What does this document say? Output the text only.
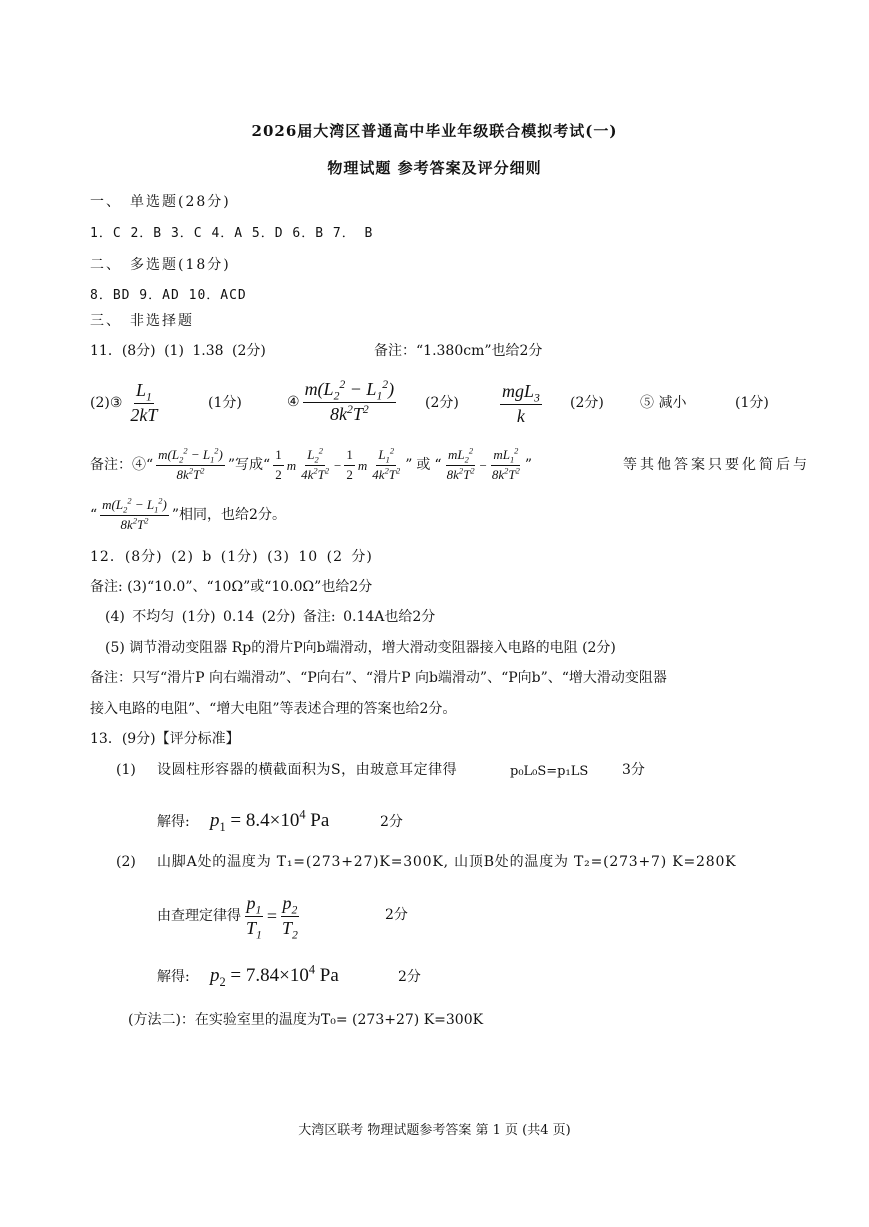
2026届大湾区普通高中毕业年级联合模拟考试(一)
物理试题 参考答案及评分细则
一、 单选题(28分)
1．C 2．B 3．C 4．A 5．D 6．B 7． B
二、 多选题(18分)
8．BD 9．AD 10．ACD
三、 非选择题
11．(8分) (1) 1.38 (2分)	备注：“1.380cm”也给2分
(2)③ $\frac{L_1}{2kT}$	(1分)	④ $\frac{m(L_2^2 - L_1^2)}{8k^2T^2} (2$分) $\frac{mgL_3}{k} (2$分)	⑤ 减小	(1分)
备注：④ “ $\frac{m(L_2^2 - L_1^2)}{8k^2T^2}$ ” 写成 “ $\frac{1}{2}$ m $\frac{L_2^2}{4k^2T^2} - \frac{1}{2}$ m $\frac{L_1^2}{4k^2T^2}$ ” 或 “ $\frac{mL_2^2}{8k^2T^2} - \frac{mL_1^2}{8k^2T^2}$ ”	等其他答案只要化简后与
“ $\frac{m(L_2^2 - L_1^2)}{8k^2T^2}$ ” 相同，也给2分。
12．(8分) (2) b (1分) (3) 10 (2 分)
备注: (3)“10.0”、“10Ω”或“10.0Ω”也给2分
(4) 不均匀 (1分) 0.14 (2分) 备注: 0.14A也给2分
(5) 调节滑动变阻器 Rp的滑片P向b端滑动，增大滑动变阻器接入电路的电阻 (2分)
备注：只写“滑片P 向右端滑动”、“P向右”、“滑片P 向b端滑动”、“P向b”、“增大滑动变阻器
接入电路的电阻”、“增大电阻”等表述合理的答案也给2分。
13．(9分)【评分标准】
(1) 设圆柱形容器的横截面积为S，由玻意耳定律得	p₀L₀S=p₁LS 3分
解得: $p_1 = 8.4\times 10^4$ Pa	2分
(2) 山脚A处的温度为 T₁=(273+27)K=300K, 山顶B处的温度为 T₂=(273+7) K=280K
由查理定律得 $\frac{p_1}{T_1} = \frac{p_2}{T_2}$	2分
解得: $p_2 = 7.84\times 10^4$ Pa	2分
(方法二)：在实验室里的温度为T₀= (273+27) K=300K
大湾区联考 物理试题参考答案 第 1 页 (共4 页)
